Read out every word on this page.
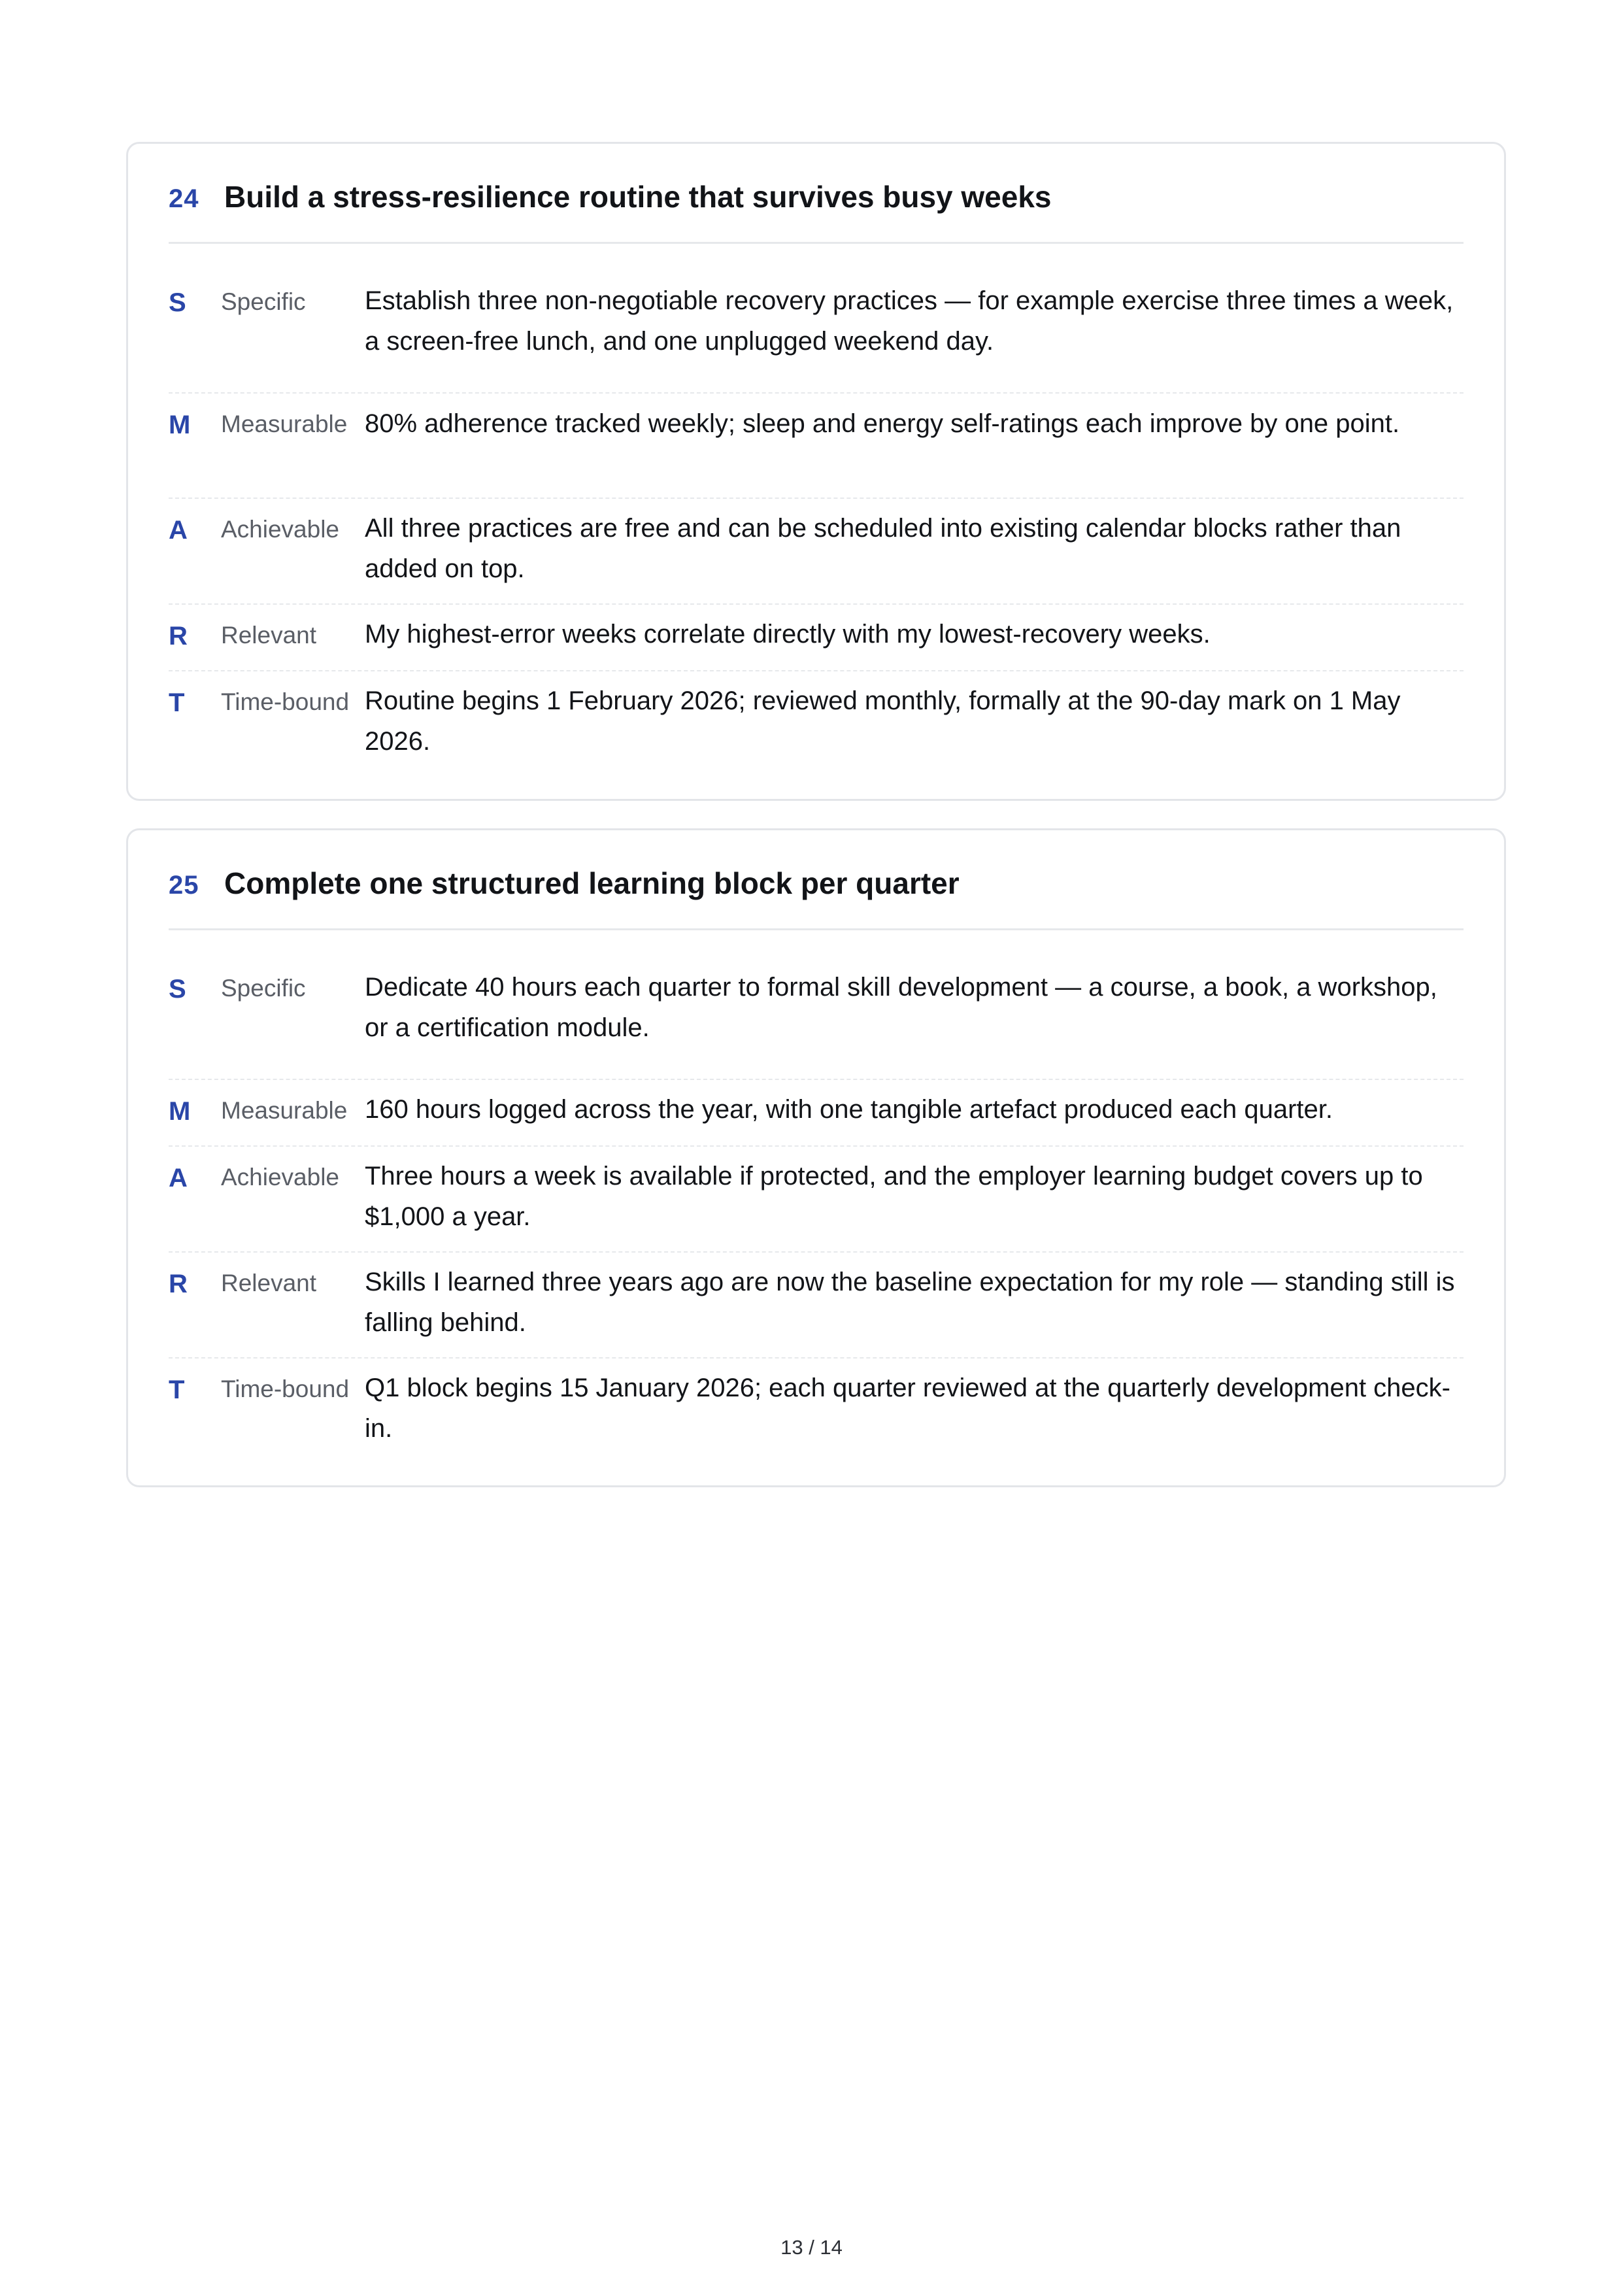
24 Build a stress-resilience routine that survives busy weeks
S Specific Establish three non-negotiable recovery practices — for example exercise three times a week, a screen-free lunch, and one unplugged weekend day.
M Measurable 80% adherence tracked weekly; sleep and energy self-ratings each improve by one point.
A Achievable All three practices are free and can be scheduled into existing calendar blocks rather than added on top.
R Relevant My highest-error weeks correlate directly with my lowest-recovery weeks.
T Time-bound Routine begins 1 February 2026; reviewed monthly, formally at the 90-day mark on 1 May 2026.
25 Complete one structured learning block per quarter
S Specific Dedicate 40 hours each quarter to formal skill development — a course, a book, a workshop, or a certification module.
M Measurable 160 hours logged across the year, with one tangible artefact produced each quarter.
A Achievable Three hours a week is available if protected, and the employer learning budget covers up to $1,000 a year.
R Relevant Skills I learned three years ago are now the baseline expectation for my role — standing still is falling behind.
T Time-bound Q1 block begins 15 January 2026; each quarter reviewed at the quarterly development check-in.
13 / 14
